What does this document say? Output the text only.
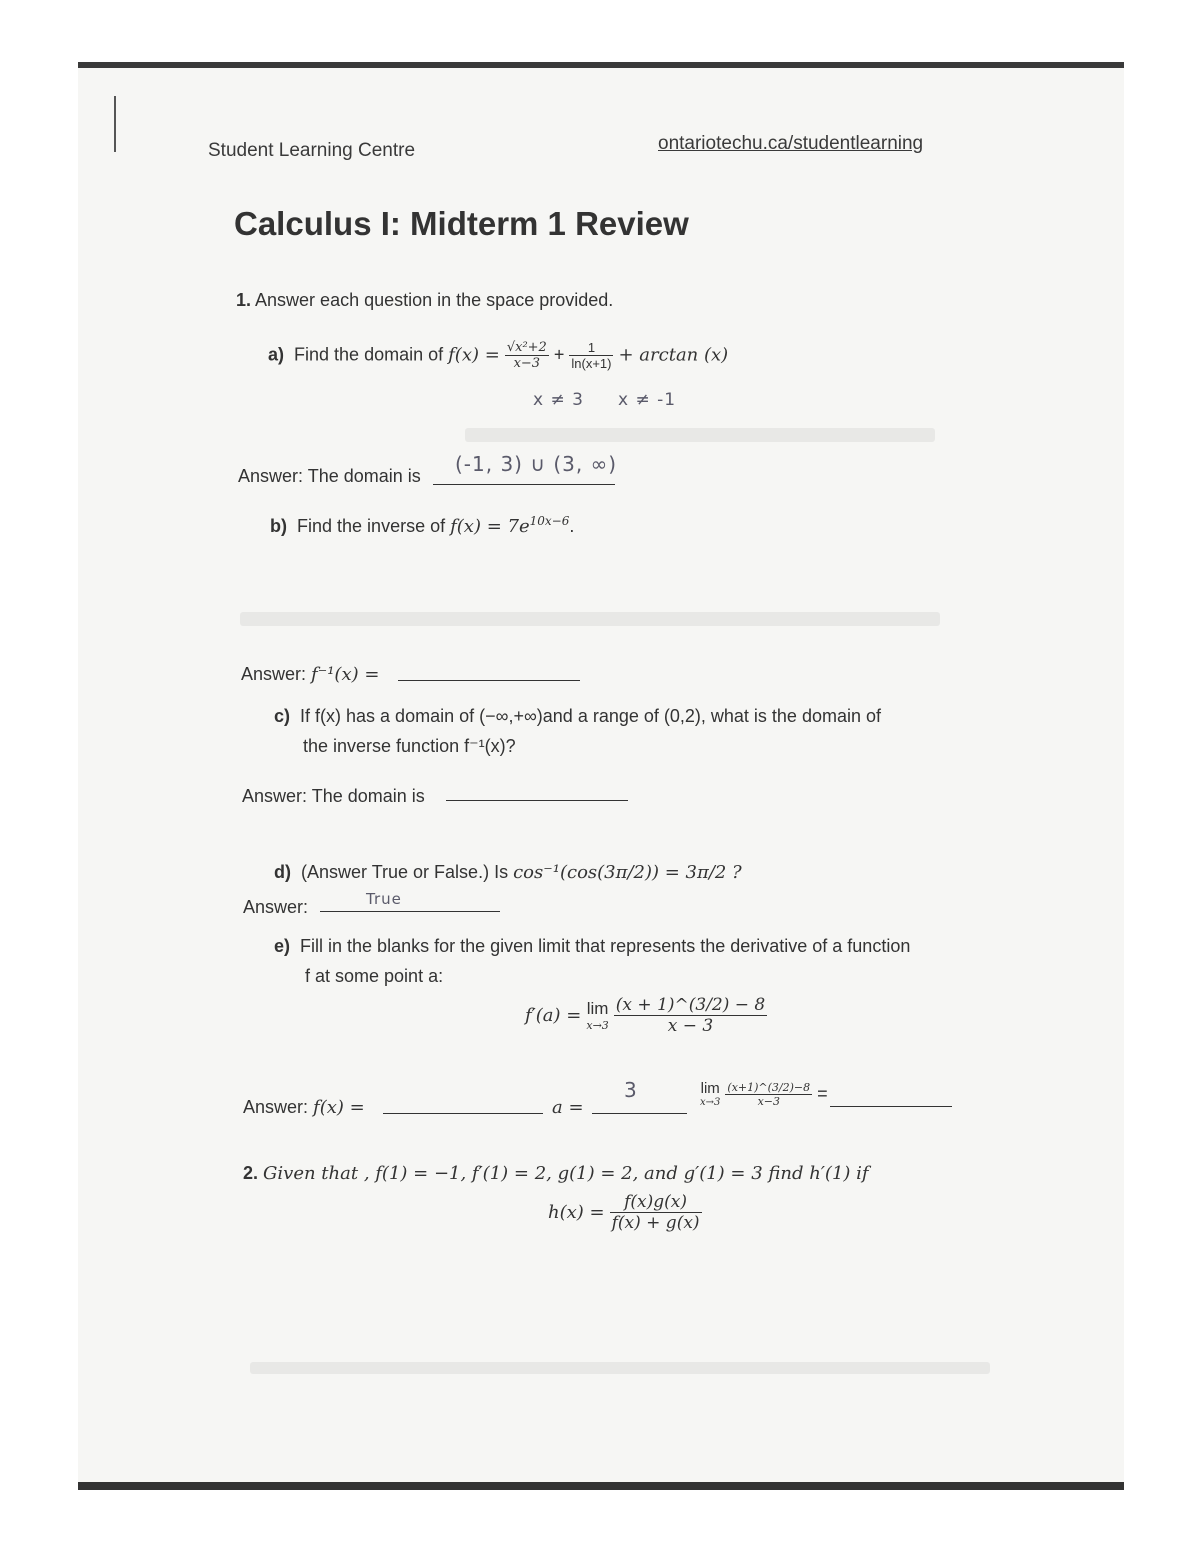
Student Learning Centre	ontariotechu.ca/studentlearning
Calculus I: Midterm 1 Review
1. Answer each question in the space provided.
a) Find the domain of $f(x) = \frac{\text{√x²+2}}{x-3} + \frac{1}{\ln(x+1)} + \arctan (x)$
x ≠ 3 x ≠ -1
Answer: The domain is (-1, 3) ∪ (3, ∞)
b) Find the inverse of $f(x) = 7e^{10x-6}$.
Answer: f⁻¹(x) =
c) If f(x) has a domain of (−∞,+∞)and a range of (0,2), what is the domain of
the inverse function f⁻¹(x)?
Answer: The domain is
d) (Answer True or False.) Is cos⁻¹(cos(3π/2)) = 3π/2 ?
Answer:	True
e) Fill in the blanks for the given limit that represents the derivative of a function
f at some point a:
f′(a) = lim
x→3
$\frac{(x + 1)\^{}(3/2) - 8}{x - 3}$
Answer: f(x) =	a =
3	lim
x→3
$\frac{(x+1)\^{}(3/2)-8}{x-3}$ =
2. Given that , f(1) = −1, f′(1) = 2, g(1) = 2, and g′(1) = 3 find h′(1) if
$h(x) = \frac{f(x)g(x)}{f(x) + g(x)}$
